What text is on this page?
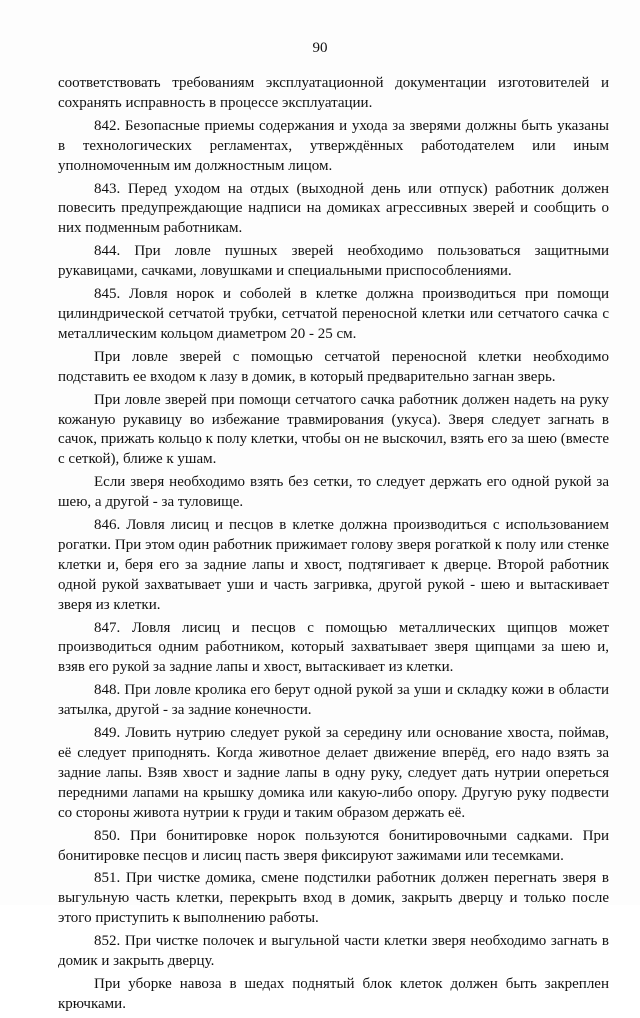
90

соответствовать требованиям эксплуатационной документации изготовителей и сохранять исправность в процессе эксплуатации.

842. Безопасные приемы содержания и ухода за зверями должны быть указаны в технологических регламентах, утверждённых работодателем или иным уполномоченным им должностным лицом.

843. Перед уходом на отдых (выходной день или отпуск) работник должен повесить предупреждающие надписи на домиках агрессивных зверей и сообщить о них подменным работникам.

844. При ловле пушных зверей необходимо пользоваться защитными рукавицами, сачками, ловушками и специальными приспособлениями.

845. Ловля норок и соболей в клетке должна производиться при помощи цилиндрической сетчатой трубки, сетчатой переносной клетки или сетчатого сачка с металлическим кольцом диаметром 20 - 25 см.

При ловле зверей с помощью сетчатой переносной клетки необходимо подставить ее входом к лазу в домик, в который предварительно загнан зверь.

При ловле зверей при помощи сетчатого сачка работник должен надеть на руку кожаную рукавицу во избежание травмирования (укуса). Зверя следует загнать в сачок, прижать кольцо к полу клетки, чтобы он не выскочил, взять его за шею (вместе с сеткой), ближе к ушам.

Если зверя необходимо взять без сетки, то следует держать его одной рукой за шею, а другой - за туловище.

846. Ловля лисиц и песцов в клетке должна производиться с использованием рогатки. При этом один работник прижимает голову зверя рогаткой к полу или стенке клетки и, беря его за задние лапы и хвост, подтягивает к дверце. Второй работник одной рукой захватывает уши и часть загривка, другой рукой - шею и вытаскивает зверя из клетки.

847. Ловля лисиц и песцов с помощью металлических щипцов может производиться одним работником, который захватывает зверя щипцами за шею и, взяв его рукой за задние лапы и хвост, вытаскивает из клетки.

848. При ловле кролика его берут одной рукой за уши и складку кожи в области затылка, другой - за задние конечности.

849. Ловить нутрию следует рукой за середину или основание хвоста, поймав, её следует приподнять. Когда животное делает движение вперёд, его надо взять за задние лапы. Взяв хвост и задние лапы в одну руку, следует дать нутрии опереться передними лапами на крышку домика или какую-либо опору. Другую руку подвести со стороны живота нутрии к груди и таким образом держать её.

850. При бонитировке норок пользуются бонитировочными садками. При бонитировке песцов и лисиц пасть зверя фиксируют зажимами или тесемками.

851. При чистке домика, смене подстилки работник должен перегнать зверя в выгульную часть клетки, перекрыть вход в домик, закрыть дверцу и только после этого приступить к выполнению работы.

852. При чистке полочек и выгульной части клетки зверя необходимо загнать в домик и закрыть дверцу.

При уборке навоза в шедах поднятый блок клеток должен быть закреплен крючками.
